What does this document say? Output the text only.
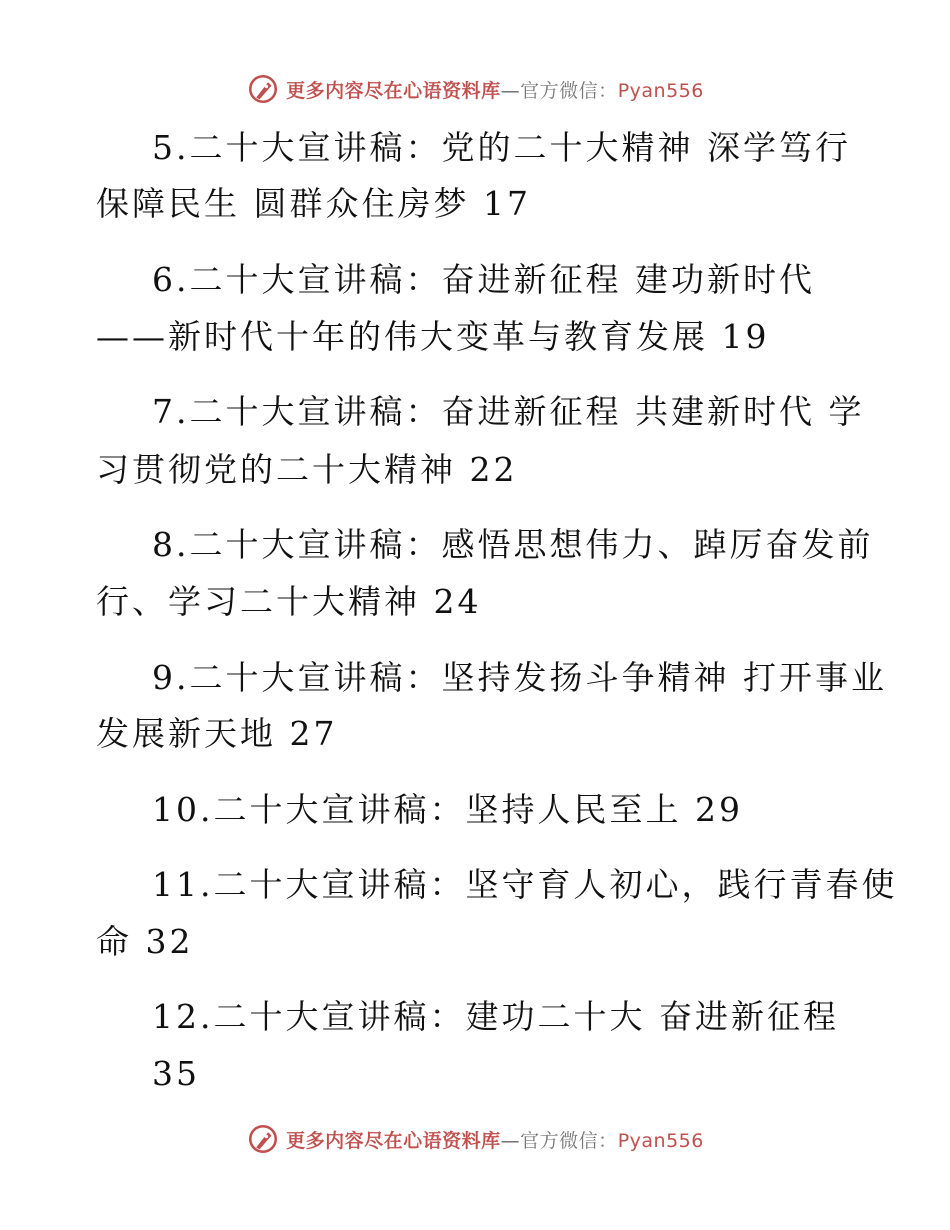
更多内容尽在心语资料库—官方微信：Pyan556
5.二十大宣讲稿：党的二十大精神 深学笃行
保障民生 圆群众住房梦 17
6.二十大宣讲稿：奋进新征程 建功新时代
——新时代十年的伟大变革与教育发展 19
7.二十大宣讲稿：奋进新征程 共建新时代 学
习贯彻党的二十大精神 22
8.二十大宣讲稿：感悟思想伟力、踔厉奋发前
行、学习二十大精神 24
9.二十大宣讲稿：坚持发扬斗争精神 打开事业
发展新天地 27
10.二十大宣讲稿：坚持人民至上 29
11.二十大宣讲稿：坚守育人初心，践行青春使
命 32
12.二十大宣讲稿：建功二十大 奋进新征程
35
更多内容尽在心语资料库—官方微信：Pyan556
